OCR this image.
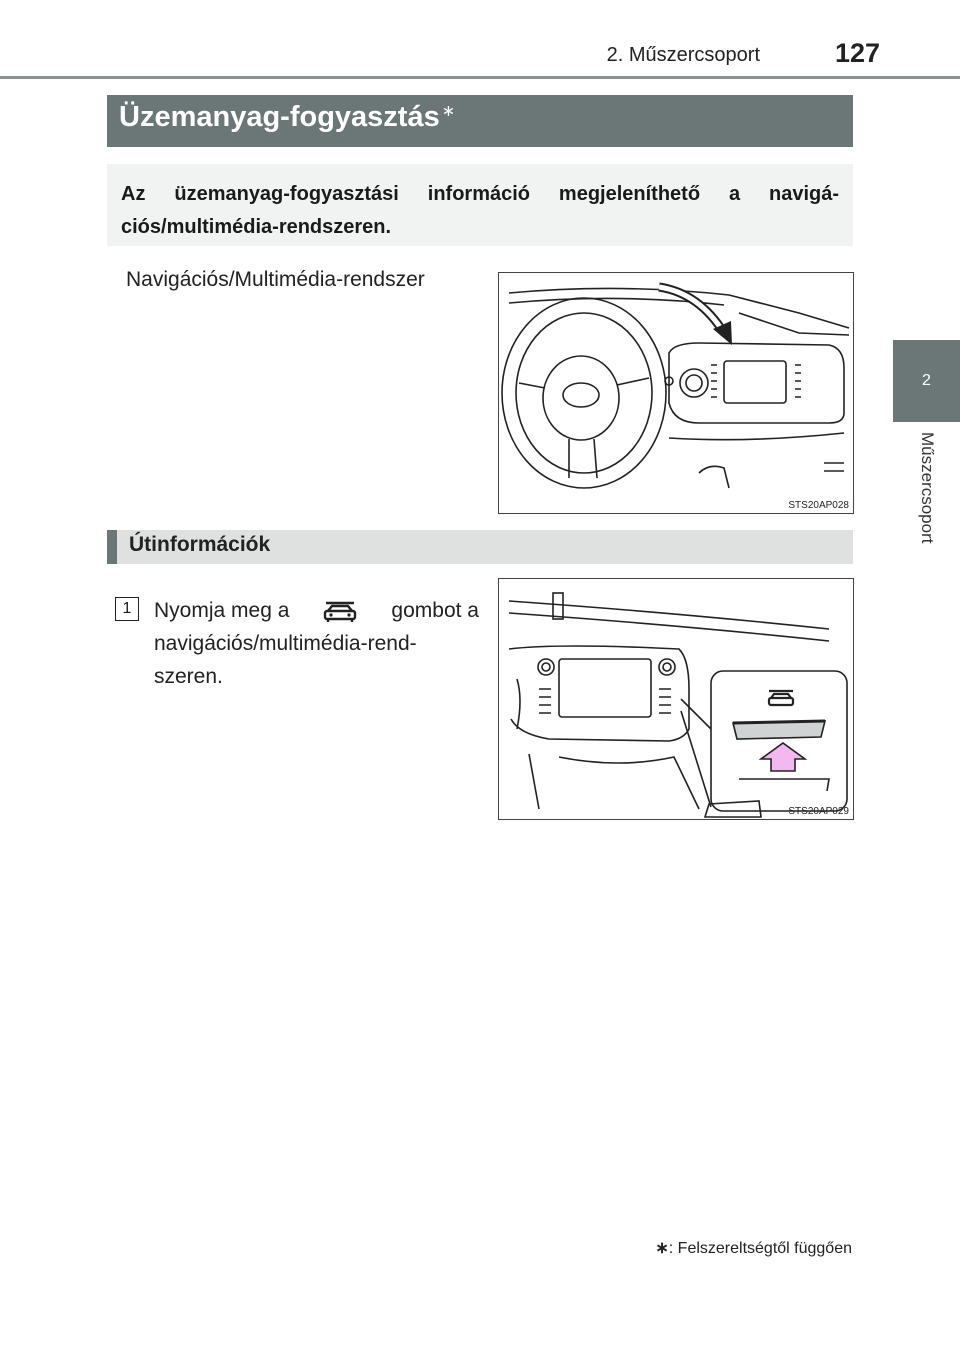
2. Műszercsoport	127
2
Műszercsoport
Üzemanyag-fogyasztás ∗

Az üzemanyag-fogyasztási információ megjeleníthető a navigá-ciós/multimédia-rendszeren.

Navigációs/Multimédia-rendszer
STS20AP028
Útinformációk
1	Nyomja meg a	gombot a
navigációs/multimédia-rend-
szeren.
STS20AP029
∗: Felszereltségtől függően
